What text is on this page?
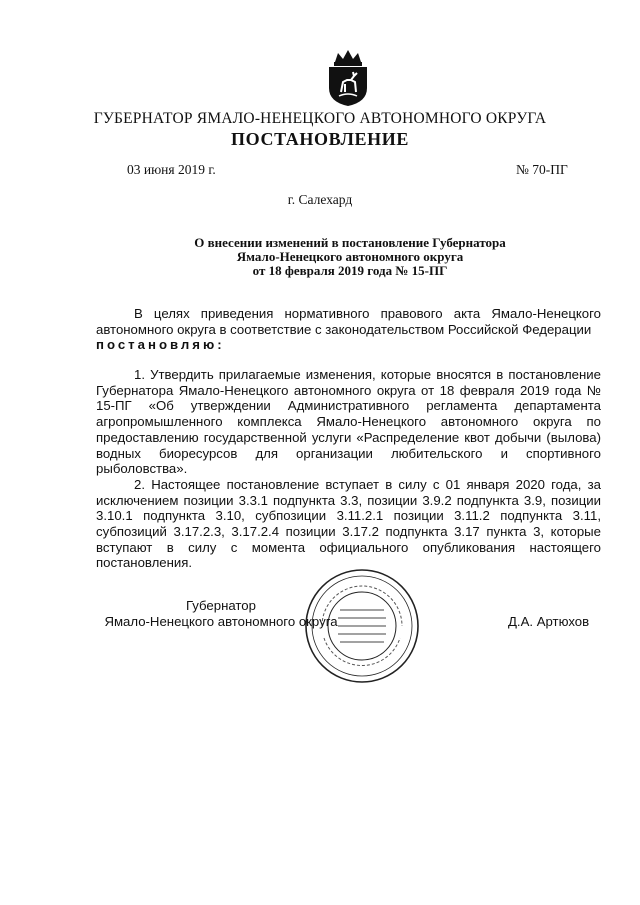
ГУБЕРНАТОР ЯМАЛО-НЕНЕЦКОГО АВТОНОМНОГО ОКРУГА
ПОСТАНОВЛЕНИЕ
03 июня 2019 г.	№ 70-ПГ
г. Салехард
О внесении изменений в постановление Губернатора
Ямало-Ненецкого автономного округа
от 18 февраля 2019 года № 15-ПГ

В целях приведения нормативного правового акта Ямало-Ненецкого автономного округа в соответствие с законодательством Российской Федерации

постановляю:

1. Утвердить прилагаемые изменения, которые вносятся в постановление Губернатора Ямало-Ненецкого автономного округа от 18 февраля 2019 года № 15-ПГ «Об утверждении Административного регламента департамента агропромышленного комплекса Ямало-Ненецкого автономного округа по предоставлению государственной услуги «Распределение квот добычи (вылова) водных биоресурсов для организации любительского и спортивного рыболовства».

2. Настоящее постановление вступает в силу с 01 января 2020 года, за исключением позиции 3.3.1 подпункта 3.3, позиции 3.9.2 подпункта 3.9, позиции 3.10.1 подпункта 3.10, субпозиции 3.11.2.1 позиции 3.11.2 подпункта 3.11, субпозиций 3.17.2.3, 3.17.2.4 позиции 3.17.2 подпункта 3.17 пункта 3, которые вступают в силу с момента официального опубликования настоящего постановления.

Губернатор
Ямало-Ненецкого автономного округа	Д.А. Артюхов
